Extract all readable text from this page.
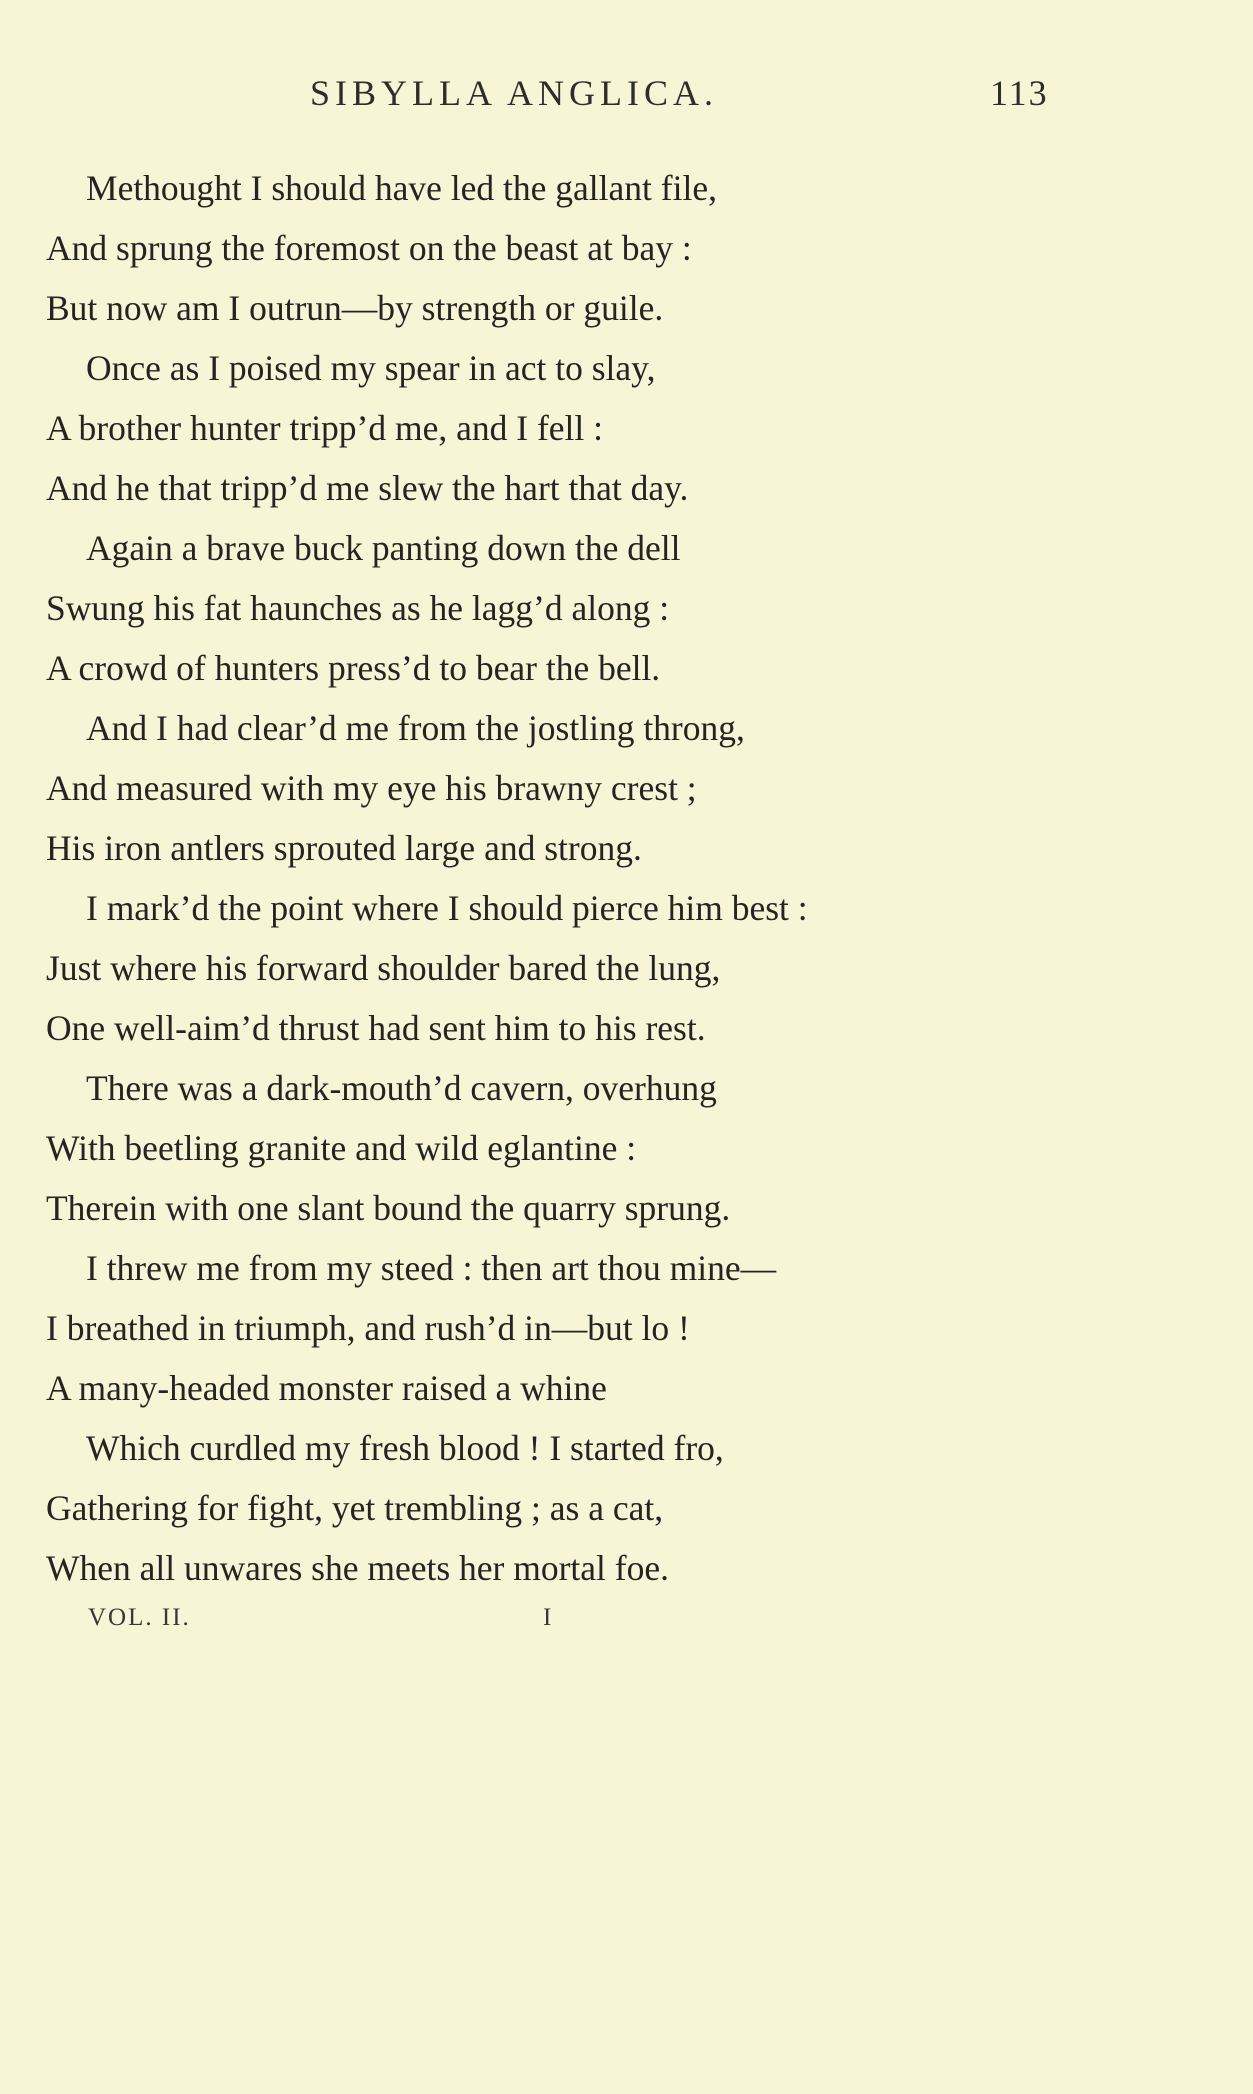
SIBYLLA ANGLICA.	113
Methought I should have led the gallant file,
And sprung the foremost on the beast at bay :
But now am I outrun—by strength or guile.
Once as I poised my spear in act to slay,
A brother hunter tripp’d me, and I fell :
And he that tripp’d me slew the hart that day.
Again a brave buck panting down the dell
Swung his fat haunches as he lagg’d along :
A crowd of hunters press’d to bear the bell.
And I had clear’d me from the jostling throng,
And measured with my eye his brawny crest ;
His iron antlers sprouted large and strong.
I mark’d the point where I should pierce him best :
Just where his forward shoulder bared the lung,
One well-aim’d thrust had sent him to his rest.
There was a dark-mouth’d cavern, overhung
With beetling granite and wild eglantine :
Therein with one slant bound the quarry sprung.
I threw me from my steed : then art thou mine—
I breathed in triumph, and rush’d in—but lo !
A many-headed monster raised a whine
Which curdled my fresh blood ! I started fro,
Gathering for fight, yet trembling ; as a cat,
When all unwares she meets her mortal foe.
VOL. II.	I
